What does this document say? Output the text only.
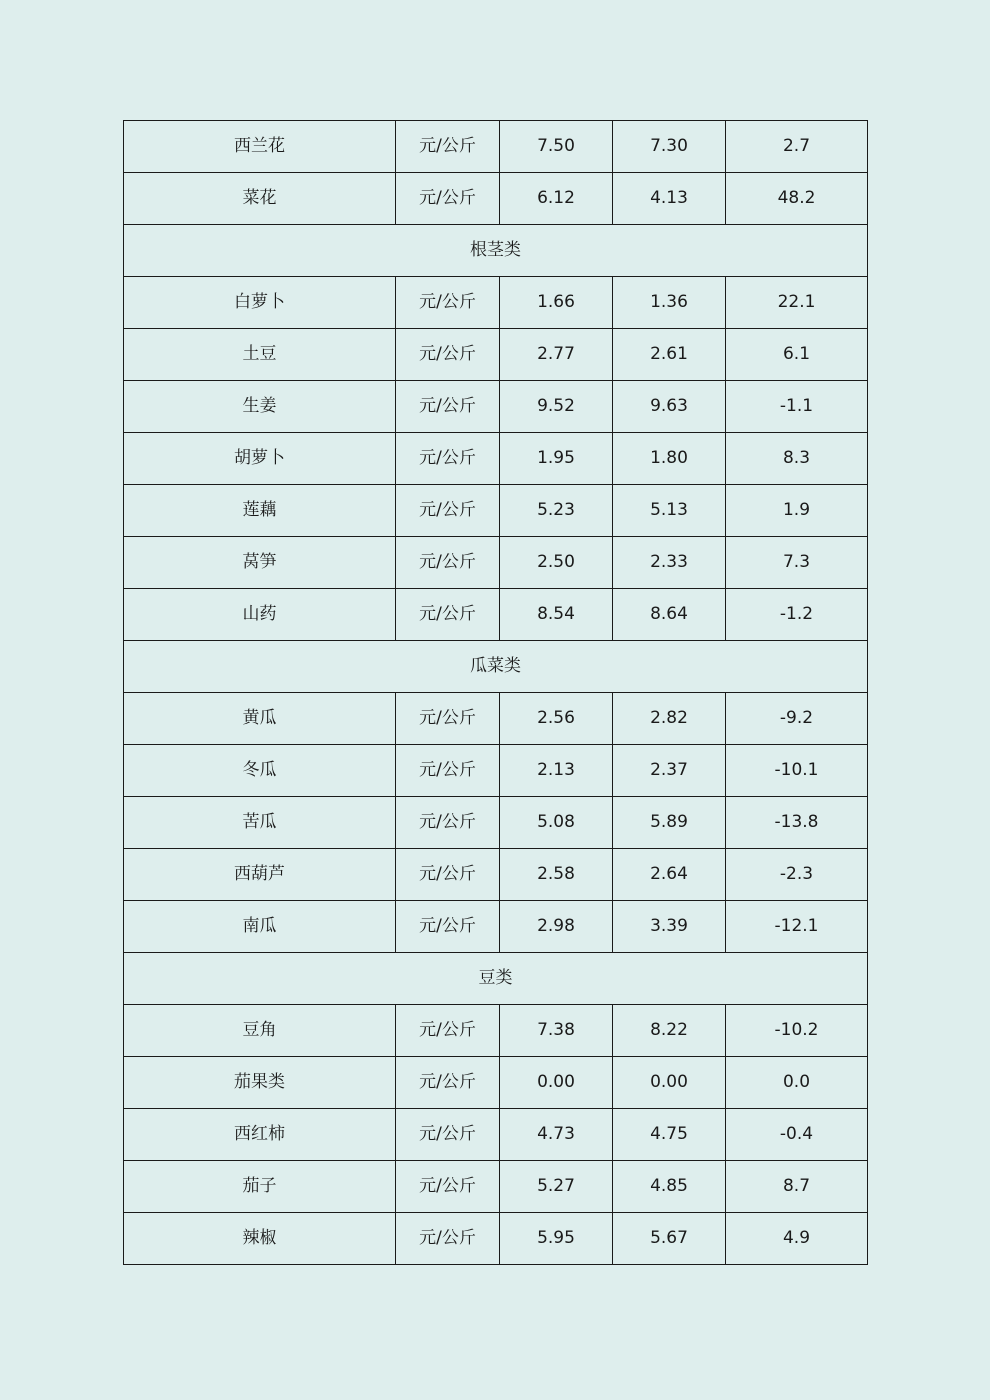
西兰花	元/公斤	7.50	7.30	2.7
菜花	元/公斤	6.12	4.13	48.2
根茎类				
白萝卜	元/公斤	1.66	1.36	22.1
土豆	元/公斤	2.77	2.61	6.1
生姜	元/公斤	9.52	9.63	-1.1
胡萝卜	元/公斤	1.95	1.80	8.3
莲藕	元/公斤	5.23	5.13	1.9
莴笋	元/公斤	2.50	2.33	7.3
山药	元/公斤	8.54	8.64	-1.2
瓜菜类				
黄瓜	元/公斤	2.56	2.82	-9.2
冬瓜	元/公斤	2.13	2.37	-10.1
苦瓜	元/公斤	5.08	5.89	-13.8
西葫芦	元/公斤	2.58	2.64	-2.3
南瓜	元/公斤	2.98	3.39	-12.1
豆类				
豆角	元/公斤	7.38	8.22	-10.2
茄果类	元/公斤	0.00	0.00	0.0
西红柿	元/公斤	4.73	4.75	-0.4
茄子	元/公斤	5.27	4.85	8.7
辣椒	元/公斤	5.95	5.67	4.9
